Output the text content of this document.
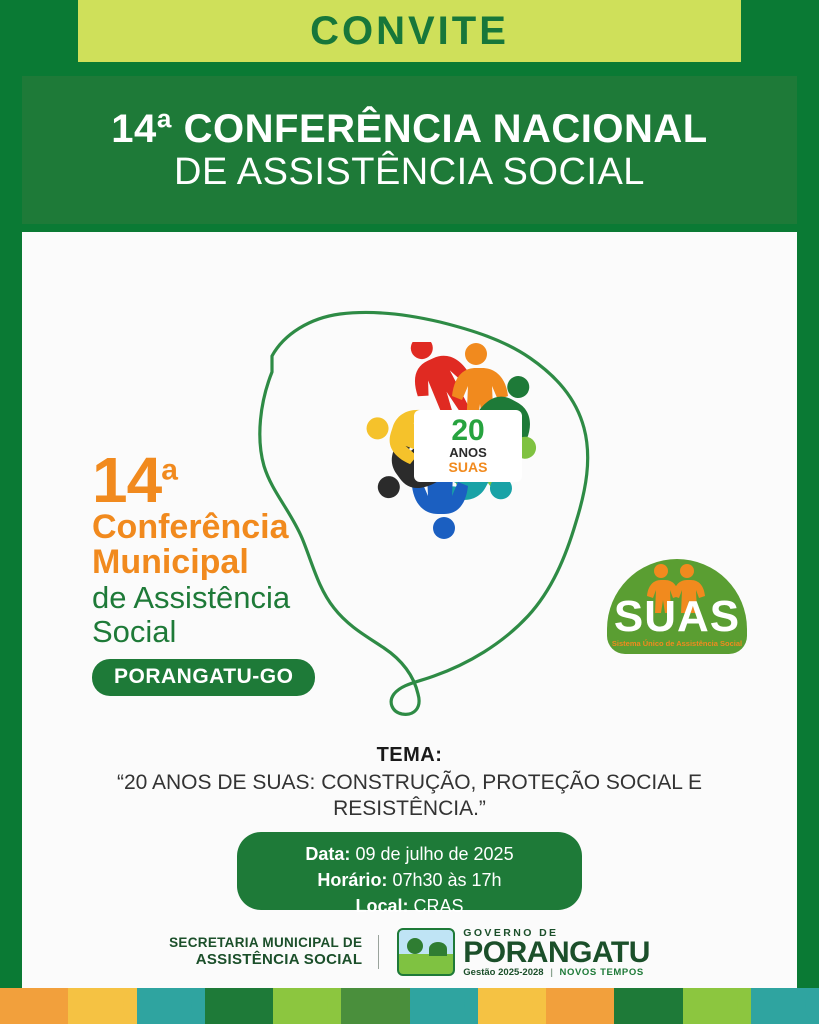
CONVITE
14ª CONFERÊNCIA NACIONAL
DE ASSISTÊNCIA SOCIAL
20
ANOS
SUAS
14$^a$
Conferência
Municipal
de Assistência
Social
PORANGATU-GO
SUAS
Sistema Único de Assistência Social
TEMA:
“20 ANOS DE SUAS: CONSTRUÇÃO, PROTEÇÃO SOCIAL E RESISTÊNCIA.”
Data: 09 de julho de 2025
Horário: 07h30 às 17h
Local: CRAS
SECRETARIA MUNICIPAL DE
ASSISTÊNCIA SOCIAL
GOVERNO DE
PORANGATU
Gestão 2025-2028 | NOVOS TEMPOS
